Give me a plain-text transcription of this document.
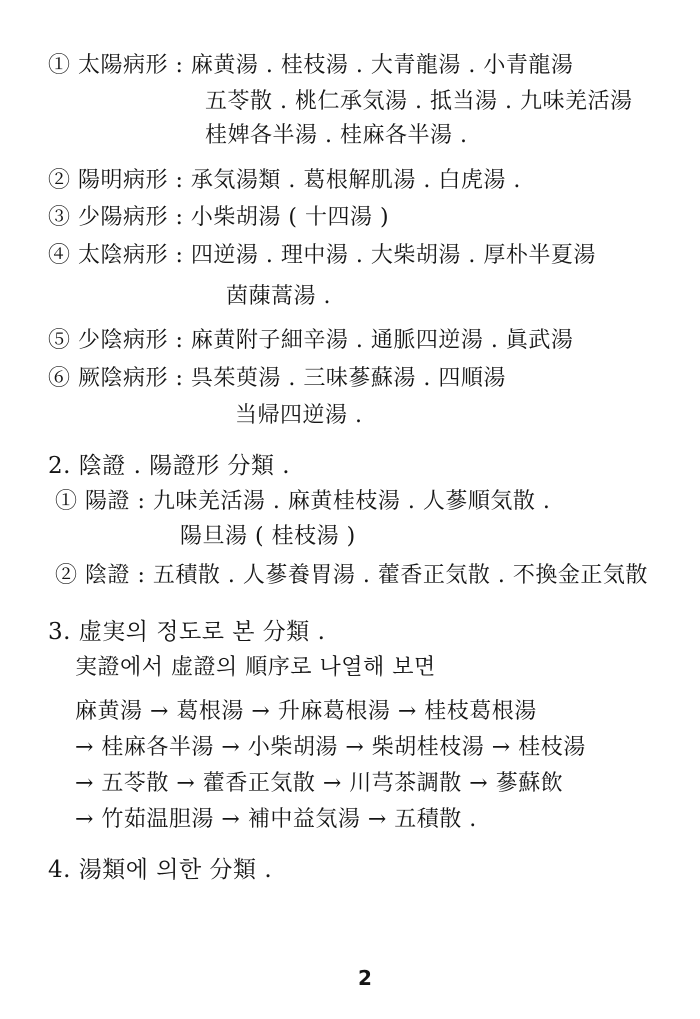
① 太陽病形 : 麻黄湯 . 桂枝湯 . 大青龍湯 . 小青龍湯
五苓散 . 桃仁承気湯 . 抵当湯 . 九味羌活湯
桂婢各半湯 . 桂麻各半湯 .
② 陽明病形 : 承気湯類 . 葛根解肌湯 . 白虎湯 .
③ 少陽病形 : 小柴胡湯 ( 十四湯 )
④ 太陰病形 : 四逆湯 . 理中湯 . 大柴胡湯 . 厚朴半夏湯
茵蔯蒿湯 .
⑤ 少陰病形 : 麻黄附子細辛湯 . 通脈四逆湯 . 眞武湯
⑥ 厥陰病形 : 呉茱萸湯 . 三味蔘蘇湯 . 四順湯
当帰四逆湯 .
2. 陰證 . 陽證形 分類 .
① 陽證 : 九味羌活湯 . 麻黄桂枝湯 . 人蔘順気散 .
陽旦湯 ( 桂枝湯 )
② 陰證 : 五積散 . 人蔘養胃湯 . 藿香正気散 . 不換金正気散
3. 虚実의 정도로 본 分類 .
実證에서 虚證의 順序로 나열해 보면
麻黄湯 → 葛根湯 → 升麻葛根湯 → 桂枝葛根湯
→ 桂麻各半湯 → 小柴胡湯 → 柴胡桂枝湯 → 桂枝湯
→ 五苓散 → 藿香正気散 → 川芎茶調散 → 蔘蘇飲
→ 竹茹温胆湯 → 補中益気湯 → 五積散 .
4. 湯類에 의한 分類 .
2
